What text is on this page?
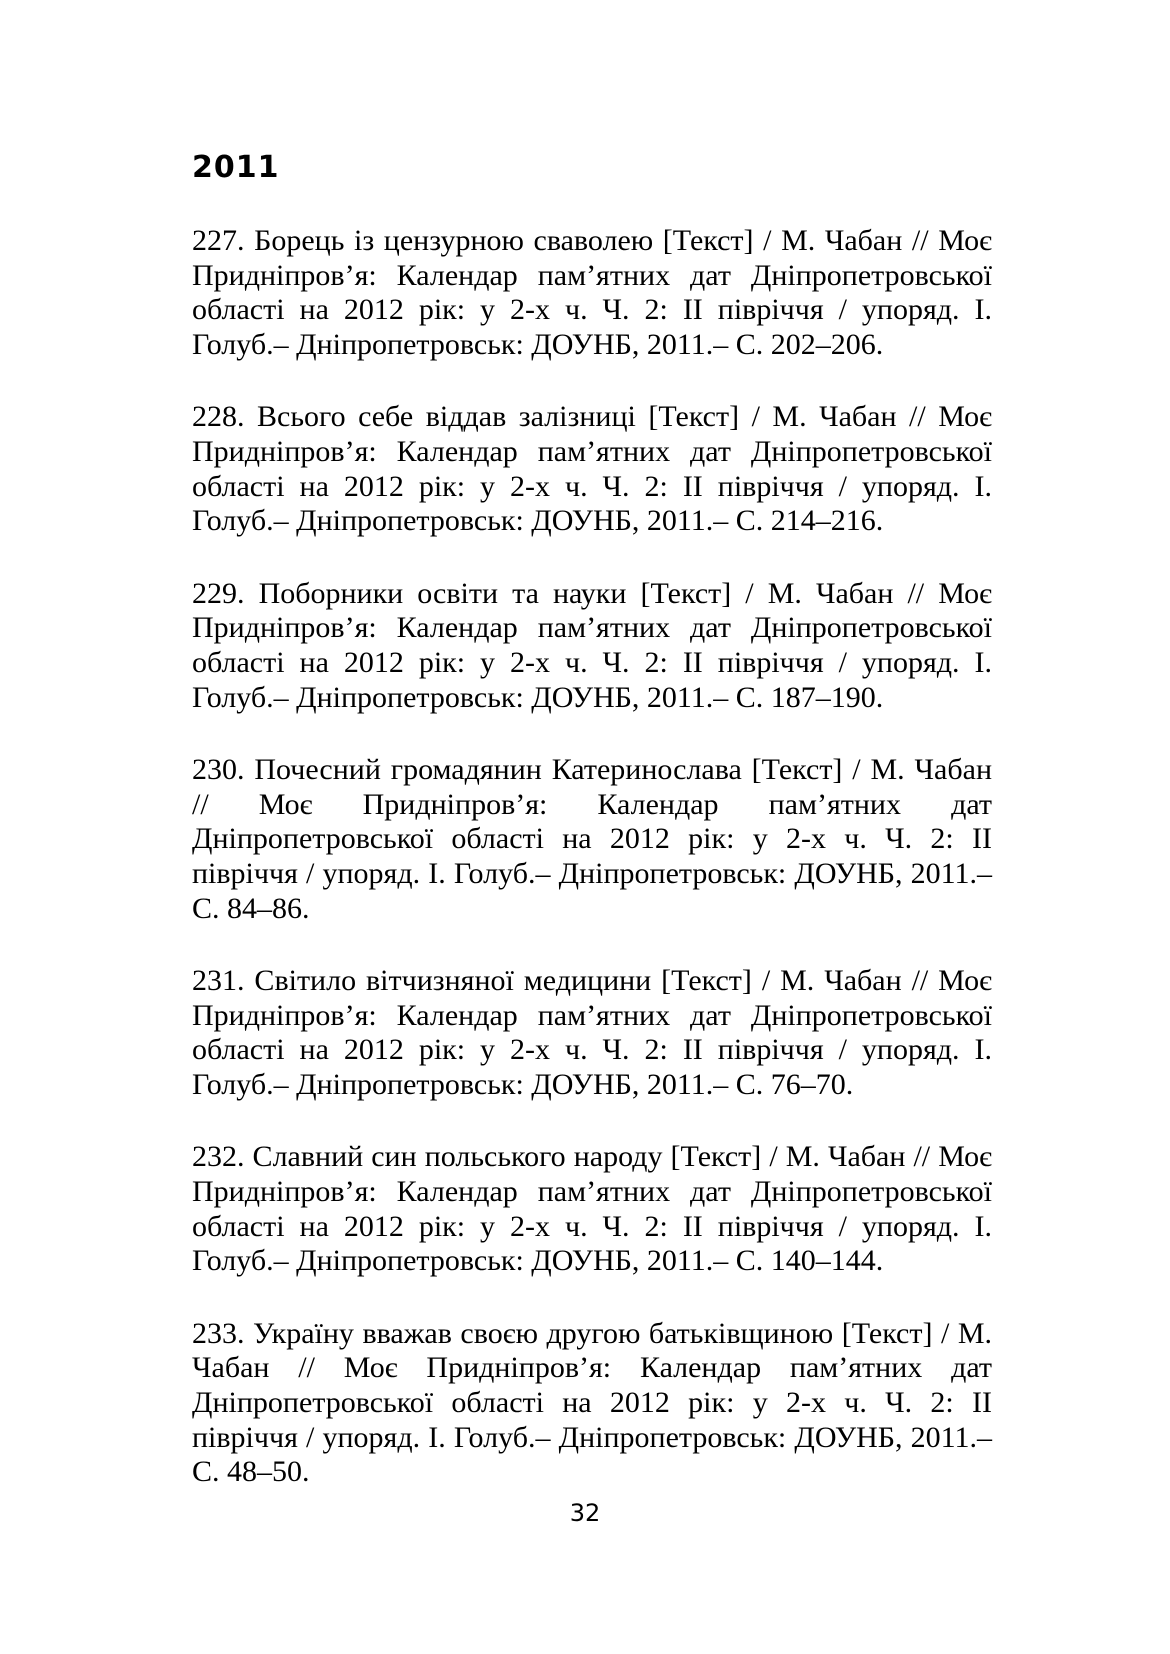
2011

227. Борець із цензурною сваволею [Текст] / М. Чабан // Моє Придніпров’я: Календар пам’ятних дат Дніпропетровської області на 2012 рік: у 2-х ч. Ч. 2: ІІ півріччя / упоряд. І. Голуб.– Дніпропетровськ: ДОУНБ, 2011.– С. 202–206.

228. Всього себе віддав залізниці [Текст] / М. Чабан // Моє Придніпров’я: Календар пам’ятних дат Дніпропетровської області на 2012 рік: у 2-х ч. Ч. 2: ІІ півріччя / упоряд. І. Голуб.– Дніпропетровськ: ДОУНБ, 2011.– С. 214–216.

229. Поборники освіти та науки [Текст] / М. Чабан // Моє Придніпров’я: Календар пам’ятних дат Дніпропетровської області на 2012 рік: у 2-х ч. Ч. 2: ІІ півріччя / упоряд. І. Голуб.– Дніпропетровськ: ДОУНБ, 2011.– С. 187–190.

230. Почесний громадянин Катеринослава [Текст] / М. Чабан // Моє Придніпров’я: Календар пам’ятних дат Дніпропетровської області на 2012 рік: у 2-х ч. Ч. 2: ІІ півріччя / упоряд. І. Голуб.– Дніпропетровськ: ДОУНБ, 2011.– С. 84–86.

231. Світило вітчизняної медицини [Текст] / М. Чабан // Моє Придніпров’я: Календар пам’ятних дат Дніпропетровської області на 2012 рік: у 2-х ч. Ч. 2: ІІ півріччя / упоряд. І. Голуб.– Дніпропетровськ: ДОУНБ, 2011.– С. 76–70.

232. Славний син польського народу [Текст] / М. Чабан // Моє Придніпров’я: Календар пам’ятних дат Дніпропетровської області на 2012 рік: у 2-х ч. Ч. 2: ІІ півріччя / упоряд. І. Голуб.– Дніпропетровськ: ДОУНБ, 2011.– С. 140–144.

233. Україну вважав своєю другою батьківщиною [Текст] / М. Чабан // Моє Придніпров’я: Календар пам’ятних дат Дніпропетровської області на 2012 рік: у 2-х ч. Ч. 2: ІІ півріччя / упоряд. І. Голуб.– Дніпропетровськ: ДОУНБ, 2011.– С. 48–50.

32
